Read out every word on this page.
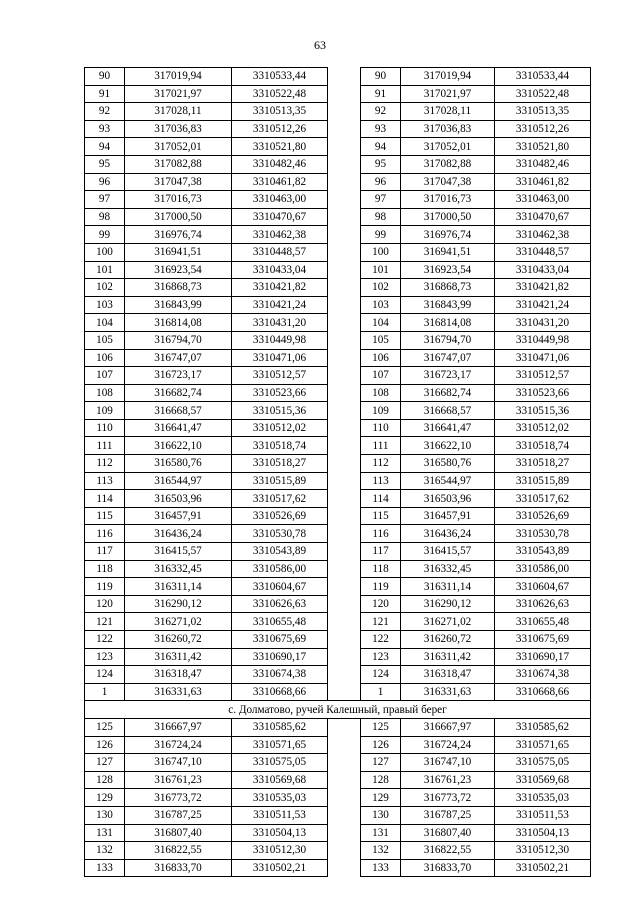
63
90	317019,94	3310533,44		90	317019,94	3310533,44
91	317021,97	3310522,48		91	317021,97	3310522,48
92	317028,11	3310513,35		92	317028,11	3310513,35
93	317036,83	3310512,26		93	317036,83	3310512,26
94	317052,01	3310521,80		94	317052,01	3310521,80
95	317082,88	3310482,46		95	317082,88	3310482,46
96	317047,38	3310461,82		96	317047,38	3310461,82
97	317016,73	3310463,00		97	317016,73	3310463,00
98	317000,50	3310470,67		98	317000,50	3310470,67
99	316976,74	3310462,38		99	316976,74	3310462,38
100	316941,51	3310448,57		100	316941,51	3310448,57
101	316923,54	3310433,04		101	316923,54	3310433,04
102	316868,73	3310421,82		102	316868,73	3310421,82
103	316843,99	3310421,24		103	316843,99	3310421,24
104	316814,08	3310431,20		104	316814,08	3310431,20
105	316794,70	3310449,98		105	316794,70	3310449,98
106	316747,07	3310471,06		106	316747,07	3310471,06
107	316723,17	3310512,57		107	316723,17	3310512,57
108	316682,74	3310523,66		108	316682,74	3310523,66
109	316668,57	3310515,36		109	316668,57	3310515,36
110	316641,47	3310512,02		110	316641,47	3310512,02
111	316622,10	3310518,74		111	316622,10	3310518,74
112	316580,76	3310518,27		112	316580,76	3310518,27
113	316544,97	3310515,89		113	316544,97	3310515,89
114	316503,96	3310517,62		114	316503,96	3310517,62
115	316457,91	3310526,69		115	316457,91	3310526,69
116	316436,24	3310530,78		116	316436,24	3310530,78
117	316415,57	3310543,89		117	316415,57	3310543,89
118	316332,45	3310586,00		118	316332,45	3310586,00
119	316311,14	3310604,67		119	316311,14	3310604,67
120	316290,12	3310626,63		120	316290,12	3310626,63
121	316271,02	3310655,48		121	316271,02	3310655,48
122	316260,72	3310675,69		122	316260,72	3310675,69
123	316311,42	3310690,17		123	316311,42	3310690,17
124	316318,47	3310674,38		124	316318,47	3310674,38
1	316331,63	3310668,66		1	316331,63	3310668,66
с. Долматово, ручей Калешный, правый берег						
125	316667,97	3310585,62		125	316667,97	3310585,62
126	316724,24	3310571,65		126	316724,24	3310571,65
127	316747,10	3310575,05		127	316747,10	3310575,05
128	316761,23	3310569,68		128	316761,23	3310569,68
129	316773,72	3310535,03		129	316773,72	3310535,03
130	316787,25	3310511,53		130	316787,25	3310511,53
131	316807,40	3310504,13		131	316807,40	3310504,13
132	316822,55	3310512,30		132	316822,55	3310512,30
133	316833,70	3310502,21		133	316833,70	3310502,21
